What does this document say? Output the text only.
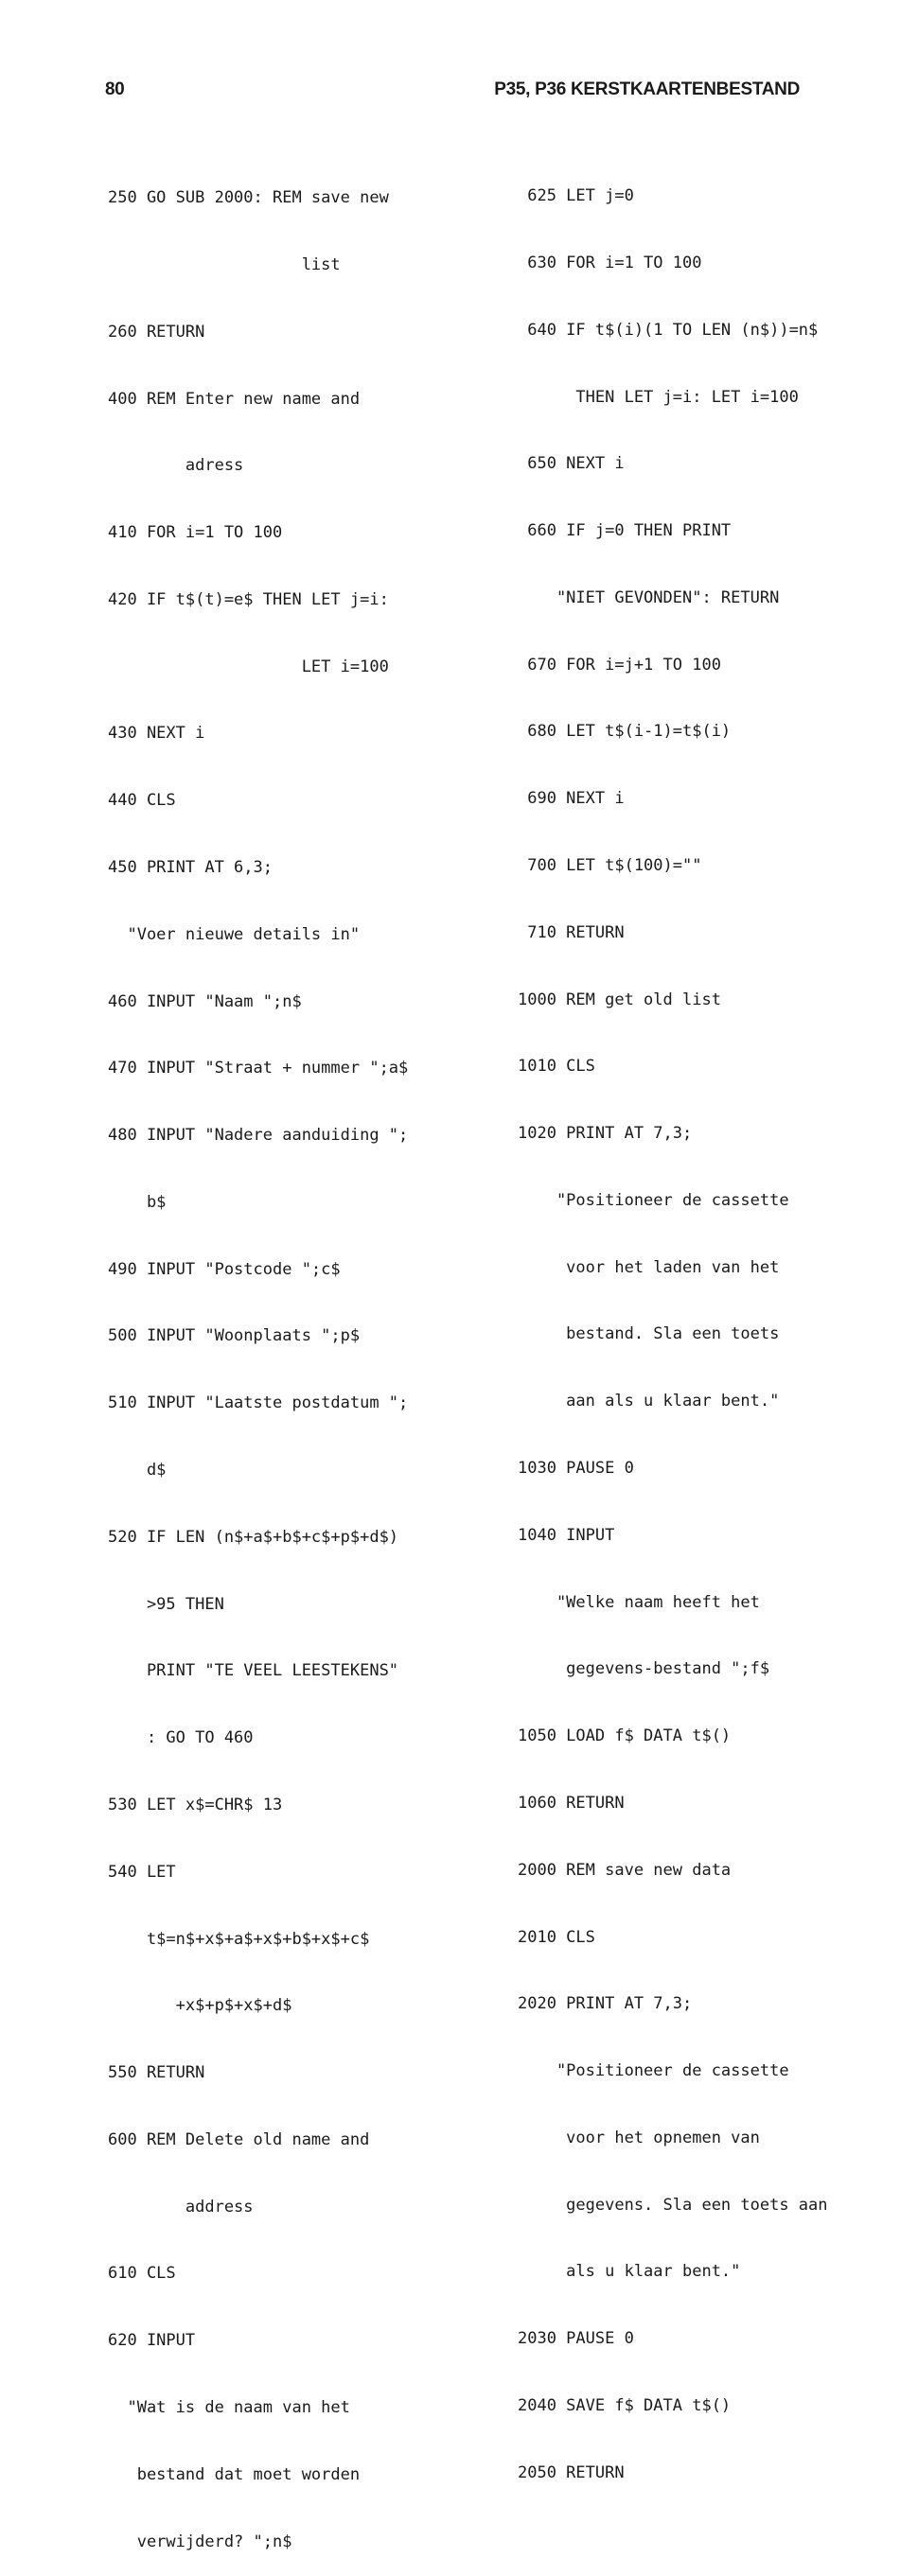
80	P35, P36 KERSTKAARTENBESTAND

250 GO SUB 2000: REM save new

list

260 RETURN

400 REM Enter new name and

adress

410 FOR i=1 TO 100

420 IF t$(t)=e$ THEN LET j=i:

LET i=100

430 NEXT i

440 CLS

450 PRINT AT 6,3;

"Voer nieuwe details in"

460 INPUT "Naam ";n$

470 INPUT "Straat + nummer ";a$

480 INPUT "Nadere aanduiding ";

b$

490 INPUT "Postcode ";c$

500 INPUT "Woonplaats ";p$

510 INPUT "Laatste postdatum ";

d$

520 IF LEN (n$+a$+b$+c$+p$+d$)

>95 THEN

PRINT "TE VEEL LEESTEKENS"

: GO TO 460

530 LET x$=CHR$ 13

540 LET

t$=n$+x$+a$+x$+b$+x$+c$

+x$+p$+x$+d$

550 RETURN

600 REM Delete old name and

address

610 CLS

620 INPUT

"Wat is de naam van het

bestand dat moet worden

verwijderd? ";n$

625 LET j=0

630 FOR i=1 TO 100

640 IF t$(i)(1 TO LEN (n$))=n$

THEN LET j=i: LET i=100

650 NEXT i

660 IF j=0 THEN PRINT

"NIET GEVONDEN": RETURN

670 FOR i=j+1 TO 100

680 LET t$(i-1)=t$(i)

690 NEXT i

700 LET t$(100)=""

710 RETURN

1000 REM get old list

1010 CLS

1020 PRINT AT 7,3;

"Positioneer de cassette

voor het laden van het

bestand. Sla een toets

aan als u klaar bent."

1030 PAUSE 0

1040 INPUT

"Welke naam heeft het

gegevens-bestand ";f$

1050 LOAD f$ DATA t$()

1060 RETURN

2000 REM save new data

2010 CLS

2020 PRINT AT 7,3;

"Positioneer de cassette

voor het opnemen van

gegevens. Sla een toets aan

als u klaar bent."

2030 PAUSE 0

2040 SAVE f$ DATA t$()

2050 RETURN
